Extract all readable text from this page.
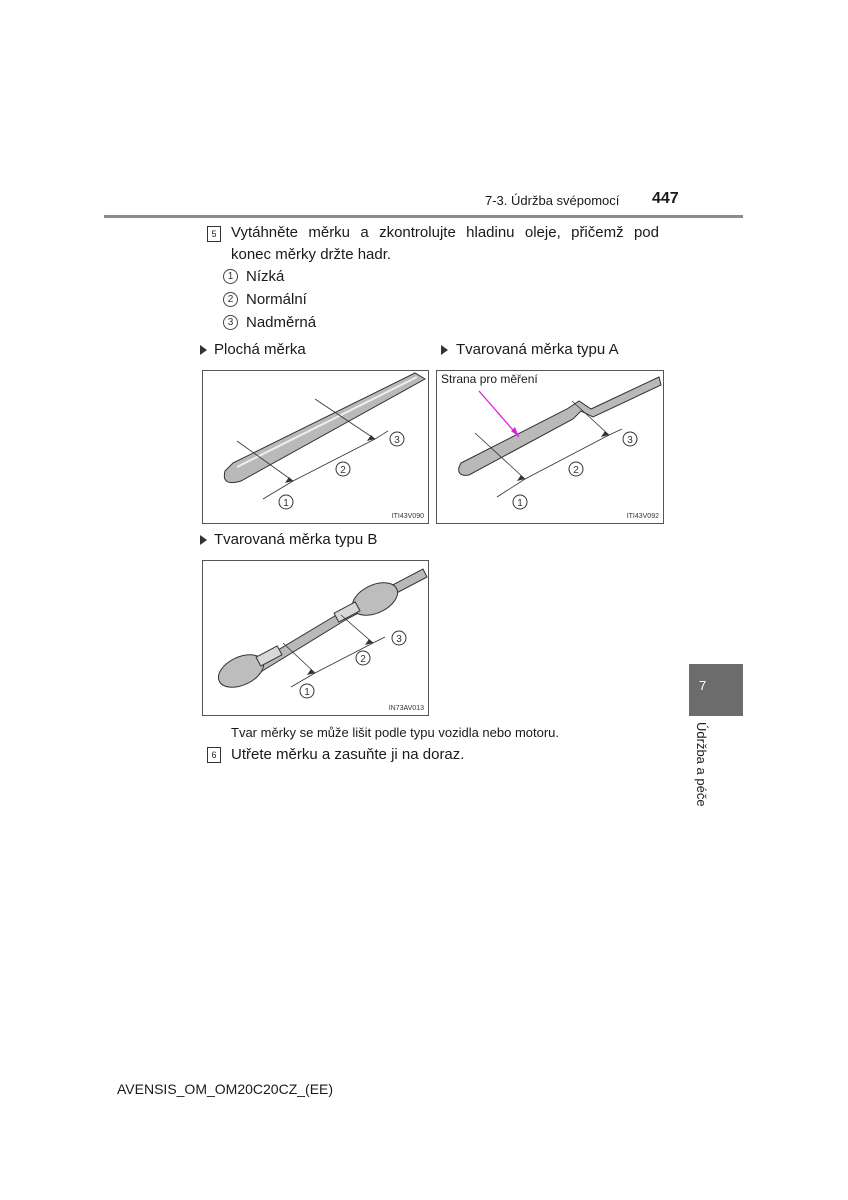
7-3. Údržba svépomocí 447
5 Vytáhněte měrku a zkontrolujte hladinu oleje, přičemž pod konec měrky držte hadr.
1 Nízká
2 Normální
3 Nadměrná
Plochá měrka	Tvarovaná měrka typu A
2
1
3
ITI43V090
2
1
3
Strana pro měření
ITI43V092
Tvarovaná měrka typu B
2
1
3
IN73AV013
Tvar měrky se může lišit podle typu vozidla nebo motoru.
6 Utřete měrku a zasuňte ji na doraz.
7
Údržba a péče
AVENSIS_OM_OM20C20CZ_(EE)
